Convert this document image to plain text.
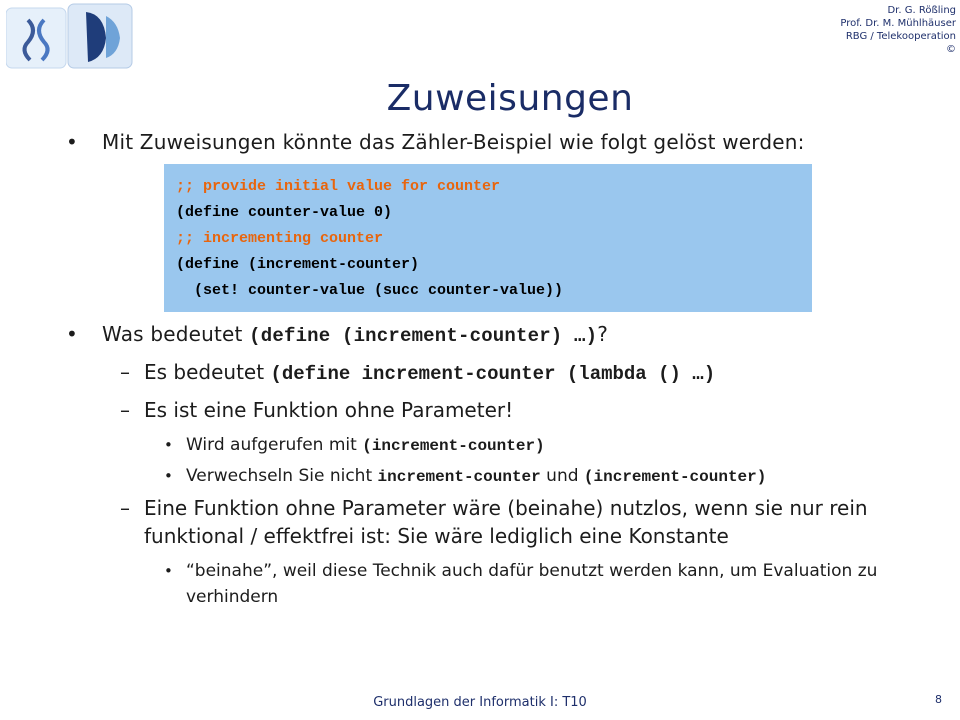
Dr. G. Rößling
Prof. Dr. M. Mühlhäuser
RBG / Telekooperation
©
Zuweisungen
• Mit Zuweisungen könnte das Zähler-Beispiel wie folgt gelöst werden:
;; provide initial value for counter
(define counter-value 0)
;; incrementing counter
(define (increment-counter)
(set! counter-value (succ counter-value))
• Was bedeutet (define (increment-counter) …)?
– Es bedeutet (define increment-counter (lambda () …)
– Es ist eine Funktion ohne Parameter!
• Wird aufgerufen mit (increment-counter)
• Verwechseln Sie nicht increment-counter und (increment-counter)
– Eine Funktion ohne Parameter wäre (beinahe) nutzlos, wenn sie nur rein funktional / effektfrei ist: Sie wäre lediglich eine Konstante
• “beinahe”, weil diese Technik auch dafür benutzt werden kann, um Evaluation zu verhindern
Grundlagen der Informatik I: T10	8
